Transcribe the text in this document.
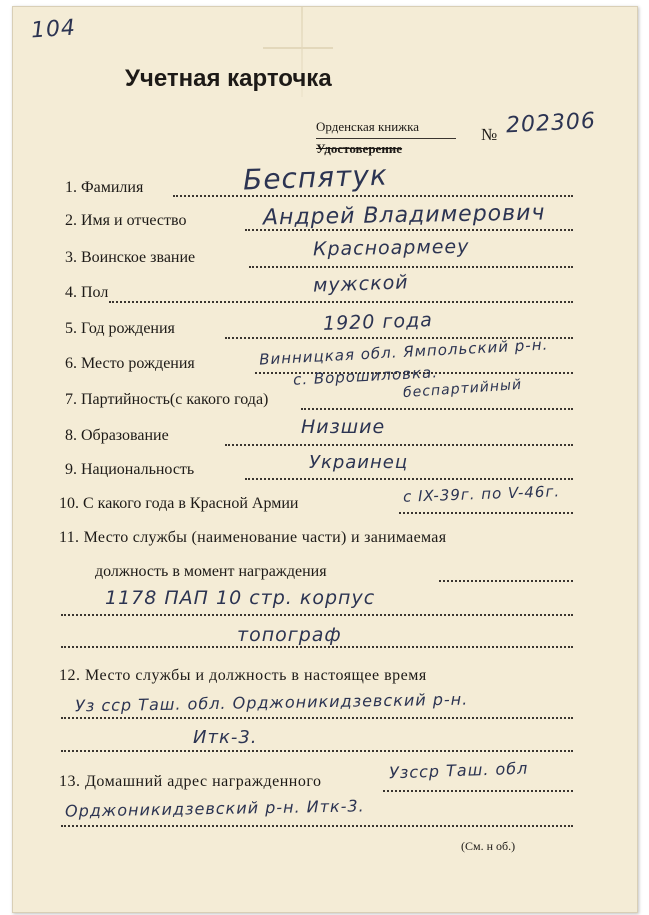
104
Учетная карточка
Орденская книжка
Удостоверение
№ 202306
1. Фамилия	Беспятук
2. Имя и отчество	Андрей Владимерович
3. Воинское звание	Красноармееу
4. Пол	мужской
5. Год рождения	1920 года
6. Место рождения	Винницкая обл. Ямпольский р-н.
с. Ворошиловка.
7. Партийность(с какого года)	беспартийный
8. Образование	Низшие
9. Национальность	Украинец
10. С какого года в Красной Армии	с IX-39г. по V-46г.
11. Место службы (наименование части) и занимаемая
должность в момент награждения
1178 ПАП 10 стр. корпус
топограф
12. Место службы и должность в настоящее время
Уз сср Таш. обл. Орджоникидзевский р-н.
Итк-3.
13. Домашний адрес награжденного	Узсср Таш. обл
Орджоникидзевский р-н. Итк-3.
(См. н об.)
